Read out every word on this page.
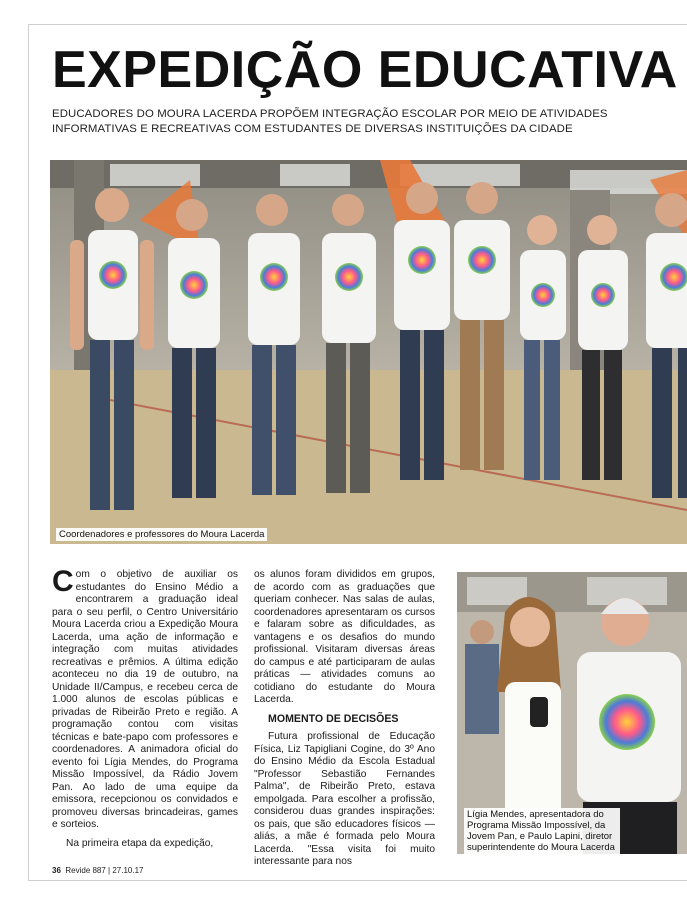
EXPEDIÇÃO EDUCATIVA
EDUCADORES DO MOURA LACERDA PROPÕEM INTEGRAÇÃO ESCOLAR POR MEIO DE ATIVIDADES INFORMATIVAS E RECREATIVAS COM ESTUDANTES DE DIVERSAS INSTITUIÇÕES DA CIDADE
Coordenadores e professores do Moura Lacerda

Com o objetivo de auxiliar os estudantes do Ensino Médio a encontrarem a graduação ideal para o seu perfil, o Centro Universitário Moura Lacerda criou a Expedição Moura Lacerda, uma ação de informação e integração com muitas atividades recreativas e prêmios. A última edição aconteceu no dia 19 de outubro, na Unidade II/Campus, e recebeu cerca de 1.000 alunos de escolas públicas e privadas de Ribeirão Preto e região. A programação contou com visitas técnicas e bate-papo com professores e coordenadores. A animadora oficial do evento foi Lígia Mendes, do Programa Missão Impossível, da Rádio Jovem Pan. Ao lado de uma equipe da emissora, recepcionou os convidados e promoveu diversas brincadeiras, games e sorteios.

Na primeira etapa da expedição,

os alunos foram divididos em grupos, de acordo com as graduações que queriam conhecer. Nas salas de aulas, coordenadores apresentaram os cursos e falaram sobre as dificuldades, as vantagens e os desafios do mundo profissional. Visitaram diversas áreas do campus e até participaram de aulas práticas — atividades comuns ao cotidiano do estudante do Moura Lacerda.

MOMENTO DE DECISÕES

Futura profissional de Educação Física, Liz Tapigliani Cogine, do 3º Ano do Ensino Médio da Escola Estadual "Professor Sebastião Fernandes Palma", de Ribeirão Preto, estava empolgada. Para escolher a profissão, considerou duas grandes inspirações: os pais, que são educadores físicos — aliás, a mãe é formada pelo Moura Lacerda. "Essa visita foi muito interessante para nos

Lígia Mendes, apresentadora do Programa Missão Impossível, da Jovem Pan, e Paulo Lapini, diretor superintendente do Moura Lacerda
36 Revide 887 | 27.10.17
